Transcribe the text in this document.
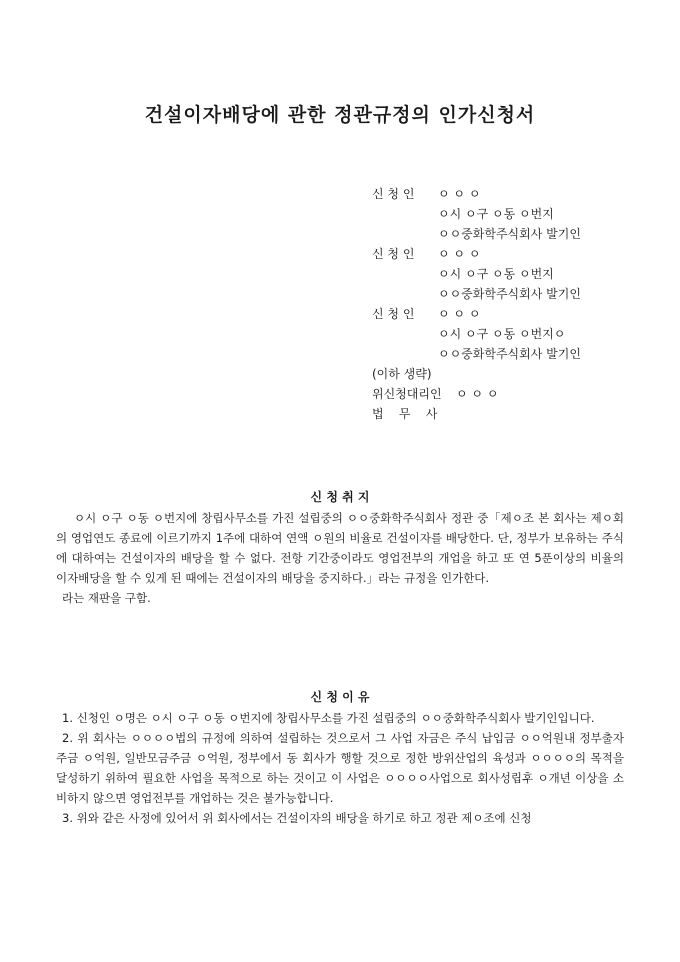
건설이자배당에 관한 정관규정의 인가신청서
신 청 인	ㅇ ㅇ ㅇ
ㅇ시 ㅇ구 ㅇ동 ㅇ번지
ㅇㅇ중화학주식회사 발기인
신 청 인	ㅇ ㅇ ㅇ
ㅇ시 ㅇ구 ㅇ동 ㅇ번지
ㅇㅇ중화학주식회사 발기인
신 청 인	ㅇ ㅇ ㅇ
ㅇ시 ㅇ구 ㅇ동 ㅇ번지ㅇ
ㅇㅇ중화학주식회사 발기인
(이하 생략)
위신청대리인	ㅇ ㅇ ㅇ
법    무    사
신 청 취 지

ㅇ시 ㅇ구 ㅇ동 ㅇ번지에 창립사무소를 가진 설립중의 ㅇㅇ중화학주식회사 정관 중「제ㅇ조 본 회사는 제ㅇ회의 영업연도 종료에 이르기까지 1주에 대하여 연액 ㅇ원의 비율로 건설이자를 배당한다. 단, 정부가 보유하는 주식에 대하여는 건설이자의 배당을 할 수 없다. 전항 기간중이라도 영업전부의 개업을 하고 또 연 5푼이상의 비율의 이자배당을 할 수 있게 된 때에는 건설이자의 배당을 중지하다.」라는 규정을 인가한다.

라는 재판을 구함.

신 청 이 유

1. 신청인 ㅇ명은 ㅇ시 ㅇ구 ㅇ동 ㅇ번지에 창립사무소를 가진 설립중의 ㅇㅇ중화학주식회사 발기인입니다.

2. 위 회사는 ㅇㅇㅇㅇ법의 규정에 의하여 설립하는 것으로서 그 사업 자금은 주식 납입금 ㅇㅇ억원내 정부출자주금 ㅇ억원, 일반모금주금 ㅇ억원, 정부에서 동 회사가 행할 것으로 정한 방위산업의 육성과 ㅇㅇㅇㅇ의 목적을 달성하기 위하여 필요한 사업을 목적으로 하는 것이고 이 사업은 ㅇㅇㅇㅇ사업으로 회사성립후 ㅇ개년 이상을 소비하지 않으면 영업전부를 개업하는 것은 불가능합니다.

3. 위와 같은 사정에 있어서 위 회사에서는 건설이자의 배당을 하기로 하고 정관 제ㅇ조에 신청
